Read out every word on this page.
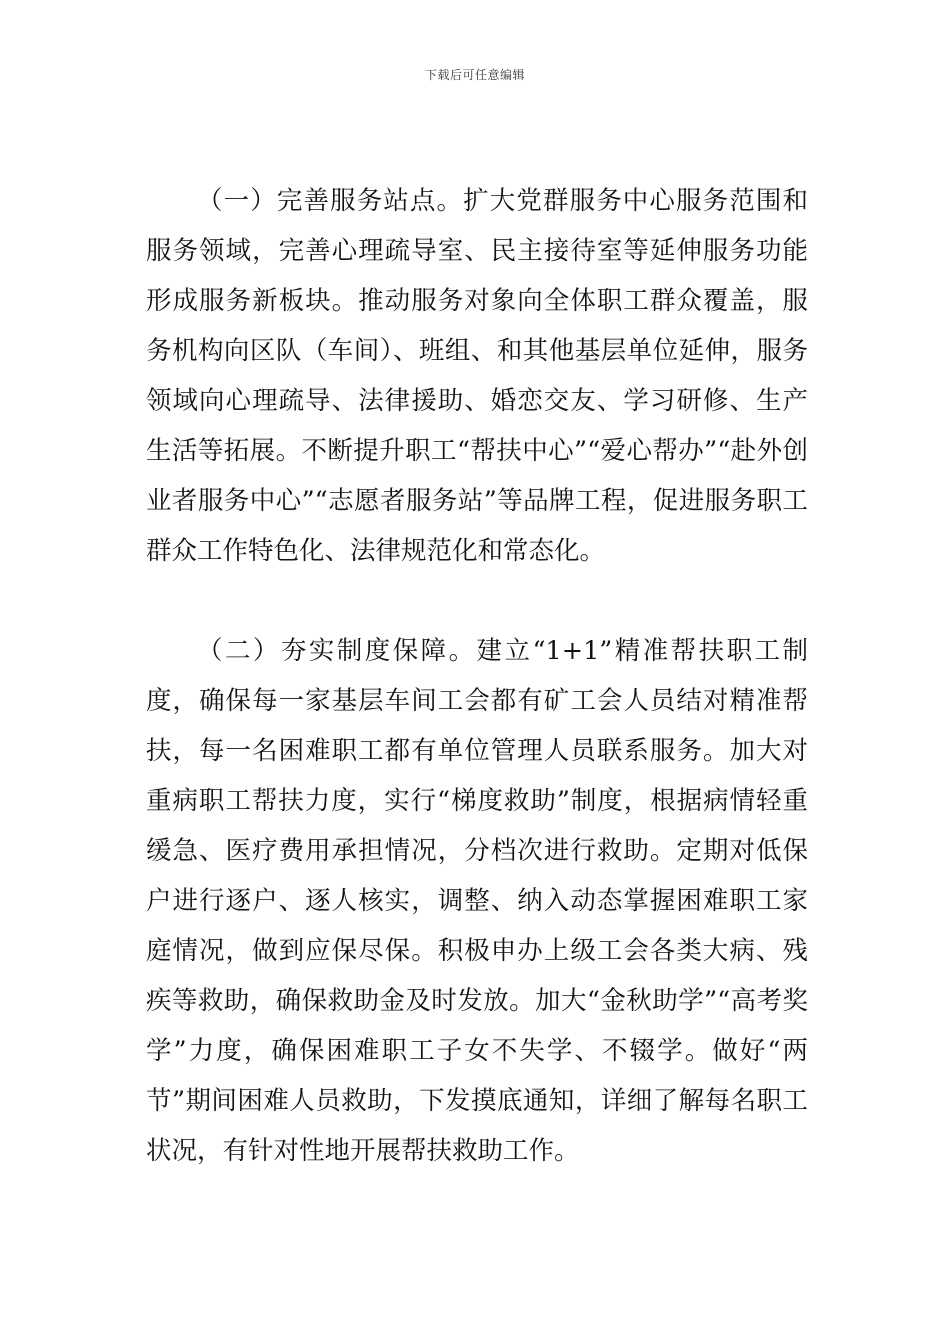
下载后可任意编辑

（一）完善服务站点。扩大党群服务中心服务范围和服务领域，完善心理疏导室、民主接待室等延伸服务功能形成服务新板块。推动服务对象向全体职工群众覆盖，服务机构向区队（车间）、班组、和其他基层单位延伸，服务领域向心理疏导、法律援助、婚恋交友、学习研修、生产生活等拓展。不断提升职工“帮扶中心”“爱心帮办”“赴外创业者服务中心”“志愿者服务站”等品牌工程，促进服务职工群众工作特色化、法律规范化和常态化。

（二）夯实制度保障。建立“1+1”精准帮扶职工制度，确保每一家基层车间工会都有矿工会人员结对精准帮扶，每一名困难职工都有单位管理人员联系服务。加大对重病职工帮扶力度，实行“梯度救助”制度，根据病情轻重缓急、医疗费用承担情况，分档次进行救助。定期对低保户进行逐户、逐人核实，调整、纳入动态掌握困难职工家庭情况，做到应保尽保。积极申办上级工会各类大病、残疾等救助，确保救助金及时发放。加大“金秋助学”“高考奖学”力度，确保困难职工子女不失学、不辍学。做好“两节”期间困难人员救助，下发摸底通知，详细了解每名职工状况，有针对性地开展帮扶救助工作。
